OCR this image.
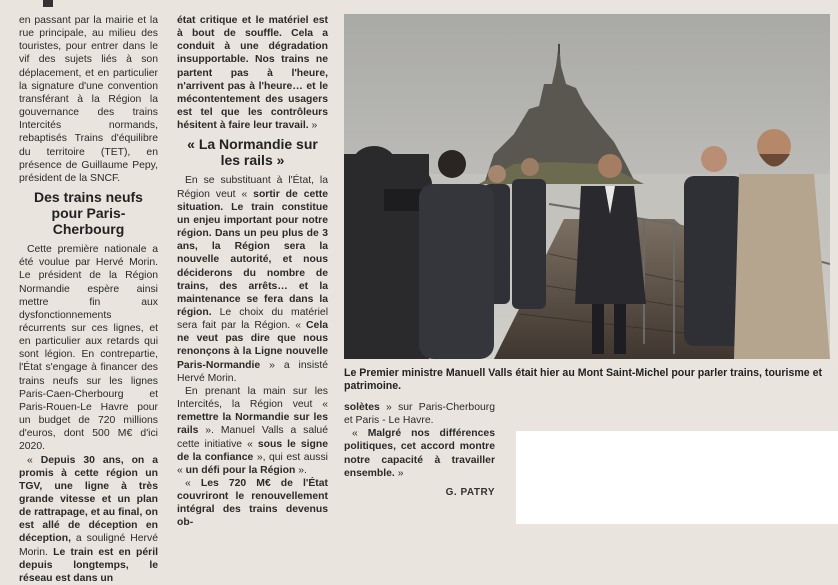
en passant par la mairie et la rue principale, au milieu des touristes, pour entrer dans le vif des sujets liés à son déplacement, et en particulier la signature d'une convention transférant à la Région la gouvernance des trains Intercités normands, rebaptisés Trains d'équilibre du territoire (TET), en présence de Guillaume Pepy, président de la SNCF.

Des trains neufs pour Paris-Cherbourg

Cette première nationale a été voulue par Hervé Morin. Le président de la Région Normandie espère ainsi mettre fin aux dysfonctionnements récurrents sur ces lignes, et en particulier aux retards qui sont légion. En contrepartie, l'État s'engage à financer des trains neufs sur les lignes Paris-Caen-Cherbourg et Paris-Rouen-Le Havre pour un budget de 720 millions d'euros, dont 500 M€ d'ici 2020.

« Depuis 30 ans, on a promis à cette région un TGV, une ligne à très grande vitesse et un plan de rattrapage, et au final, on est allé de déception en déception, a souligné Hervé Morin. Le train est en péril depuis longtemps, le réseau est dans un

état critique et le matériel est à bout de souffle. Cela a conduit à une dégradation insupportable. Nos trains ne partent pas à l'heure, n'arrivent pas à l'heure… et le mécontentement des usagers est tel que les contrôleurs hésitent à faire leur travail. »

« La Normandie sur les rails »

En se substituant à l'État, la Région veut « sortir de cette situation. Le train constitue un enjeu important pour notre région. Dans un peu plus de 3 ans, la Région sera la nouvelle autorité, et nous déciderons du nombre de trains, des arrêts… et la maintenance se fera dans la région. Le choix du matériel sera fait par la Région. « Cela ne veut pas dire que nous renonçons à la Ligne nouvelle Paris-Normandie » a insisté Hervé Morin.

En prenant la main sur les Intercités, la Région veut « remettre la Normandie sur les rails ». Manuel Valls a salué cette initiative « sous le signe de la confiance », qui est aussi « un défi pour la Région ».

« Les 720 M€ de l'État couvriront le renouvellement intégral des trains devenus ob-

Le Premier ministre Manuell Valls était hier au Mont Saint-Michel pour parler trains, tourisme et patrimoine.

solètes » sur Paris-Cherbourg et Paris - Le Havre.

« Malgré nos différences politiques, cet accord montre notre capacité à travailler ensemble. »

G. PATRY
